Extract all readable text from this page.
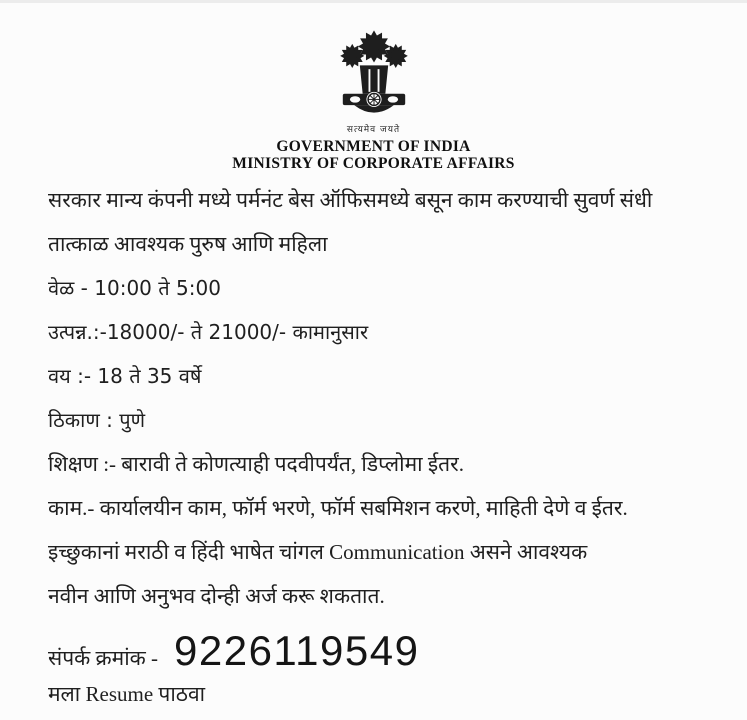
सत्यमेव जयते
GOVERNMENT OF INDIA
MINISTRY OF CORPORATE AFFAIRS

सरकार मान्य कंपनी मध्ये पर्मनंट बेस ऑफिसमध्ये बसून काम करण्याची सुवर्ण संधी

तात्काळ आवश्यक पुरुष आणि महिला

वेळ - 10:00 ते 5:00

उत्पन्न.:-18000/- ते 21000/- कामानुसार

वय :- 18 ते 35 वर्षे

ठिकाण : पुणे

शिक्षण :- बारावी ते कोणत्याही पदवीपर्यंत, डिप्लोमा ईतर.

काम.- कार्यालयीन काम, फॉर्म भरणे, फॉर्म सबमिशन करणे, माहिती देणे व ईतर.

इच्छुकानां मराठी व हिंदी भाषेत चांगल Communication असने आवश्यक

नवीन आणि अनुभव दोन्ही अर्ज करू शकतात.

संपर्क क्रमांक - 9226119549

मला Resume पाठवा
